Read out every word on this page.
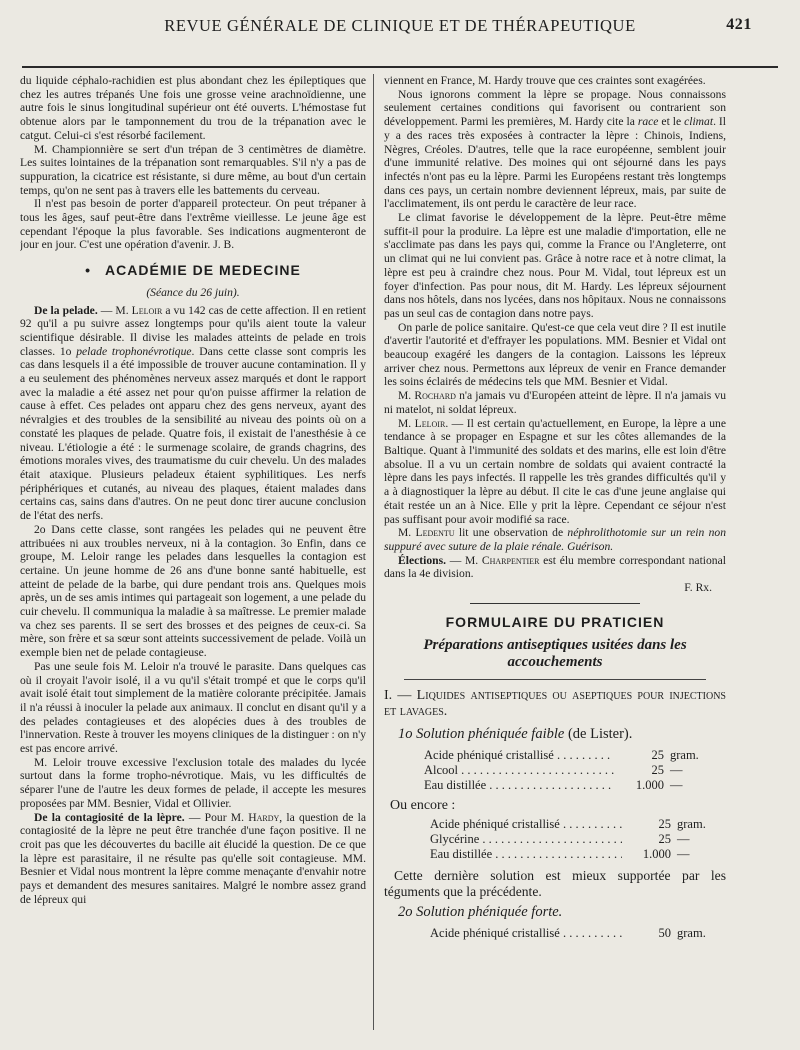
REVUE GÉNÉRALE DE CLINIQUE ET DE THÉRAPEUTIQUE	421

du liquide céphalo-rachidien est plus abondant chez les épileptiques que chez les autres trépanés Une fois une grosse veine arachnoïdienne, une autre fois le sinus longitudinal supérieur ont été ouverts. L'hémostase fut obtenue alors par le tamponnement du trou de la trépanation avec le catgut. Celui-ci s'est résorbé facilement.

M. Championnière se sert d'un trépan de 3 centimètres de diamètre. Les suites lointaines de la trépanation sont remarquables. S'il n'y a pas de suppuration, la cicatrice est résistante, si dure même, au bout d'un certain temps, qu'on ne sent pas à travers elle les battements du cerveau.

Il n'est pas besoin de porter d'appareil protecteur. On peut trépaner à tous les âges, sauf peut-être dans l'extrême vieillesse. Le jeune âge est cependant l'époque la plus favorable. Ses indications augmenteront de jour en jour. C'est une opération d'avenir. J. B.

• ACADÉMIE DE MEDECINE
(Séance du 26 juin).

De la pelade. — M. Leloir a vu 142 cas de cette affection. Il en retient 92 qu'il a pu suivre assez longtemps pour qu'ils aient toute la valeur scientifique désirable. Il divise les malades atteints de pelade en trois classes. 1o pelade trophonévrotique. Dans cette classe sont compris les cas dans lesquels il a été impossible de trouver aucune contamination. Il y a eu seulement des phénomènes nerveux assez marqués et dont le rapport avec la maladie a été assez net pour qu'on puisse affirmer la relation de cause à effet. Ces pelades ont apparu chez des gens nerveux, ayant des névralgies et des troubles de la sensibilité au niveau des points où on a constaté les plaques de pelade. Quatre fois, il existait de l'anesthésie à ce niveau. L'étiologie a été : le surmenage scolaire, de grands chagrins, des émotions morales vives, des traumatisme du cuir chevelu. Un des malades était ataxique. Plusieurs peladeux étaient syphilitiques. Les nerfs périphériques et cutanés, au niveau des plaques, étaient malades dans certains cas, sains dans d'autres. On ne peut donc tirer aucune conclusion de l'état des nerfs.

2o Dans cette classe, sont rangées les pelades qui ne peuvent être attribuées ni aux troubles nerveux, ni à la contagion. 3o Enfin, dans ce groupe, M. Leloir range les pelades dans lesquelles la contagion est certaine. Un jeune homme de 26 ans d'une bonne santé habituelle, est atteint de pelade de la barbe, qui dure pendant trois ans. Quelques mois après, un de ses amis intimes qui partageait son logement, a une pelade du cuir chevelu. Il communiqua la maladie à sa maîtresse. Le premier malade va chez ses parents. Il se sert des brosses et des peignes de ceux-ci. Sa mère, son frère et sa sœur sont atteints successivement de pelade. Voilà un exemple bien net de pelade contagieuse.

Pas une seule fois M. Leloir n'a trouvé le parasite. Dans quelques cas où il croyait l'avoir isolé, il a vu qu'il s'était trompé et que le corps qu'il avait isolé était tout simplement de la matière colorante précipitée. Jamais il n'a réussi à inoculer la pelade aux animaux. Il conclut en disant qu'il y a des pelades contagieuses et des alopécies dues à des troubles de l'innervation. Reste à trouver les moyens cliniques de la distinguer : on n'y est pas encore arrivé.

M. Leloir trouve excessive l'exclusion totale des malades du lycée surtout dans la forme tropho-névrotique. Mais, vu les difficultés de séparer l'une de l'autre les deux formes de pelade, il accepte les mesures proposées par MM. Besnier, Vidal et Ollivier.

De la contagiosité de la lèpre. — Pour M. Hardy, la question de la contagiosité de la lèpre ne peut être tranchée d'une façon positive. Il ne croit pas que les découvertes du bacille ait élucidé la question. De ce que la lèpre est parasitaire, il ne résulte pas qu'elle soit contagieuse. MM. Besnier et Vidal nous montrent la lèpre comme menaçante d'envahir notre pays et demandent des mesures sanitaires. Malgré le nombre assez grand de lépreux qui

viennent en France, M. Hardy trouve que ces craintes sont exagérées.

Nous ignorons comment la lèpre se propage. Nous connaissons seulement certaines conditions qui favorisent ou contrarient son développement. Parmi les premières, M. Hardy cite la race et le climat. Il y a des races très exposées à contracter la lèpre : Chinois, Indiens, Nègres, Créoles. D'autres, telle que la race européenne, semblent jouir d'une immunité relative. Des moines qui ont séjourné dans les pays infectés n'ont pas eu la lèpre. Parmi les Européens restant très longtemps dans ces pays, un certain nombre deviennent lépreux, mais, par suite de l'acclimatement, ils ont perdu le caractère de leur race.

Le climat favorise le développement de la lèpre. Peut-être même suffit-il pour la produire. La lèpre est une maladie d'importation, elle ne s'acclimate pas dans les pays qui, comme la France ou l'Angleterre, ont un climat qui ne lui convient pas. Grâce à notre race et à notre climat, la lèpre est peu à craindre chez nous. Pour M. Vidal, tout lépreux est un foyer d'infection. Pas pour nous, dit M. Hardy. Les lépreux séjournent dans nos hôtels, dans nos lycées, dans nos hôpitaux. Nous ne connaissons pas un seul cas de contagion dans notre pays.

On parle de police sanitaire. Qu'est-ce que cela veut dire ? Il est inutile d'avertir l'autorité et d'effrayer les populations. MM. Besnier et Vidal ont beaucoup exagéré les dangers de la contagion. Laissons les lépreux arriver chez nous. Permettons aux lépreux de venir en France demander les soins éclairés de médecins tels que MM. Besnier et Vidal.

M. Rochard n'a jamais vu d'Européen atteint de lèpre. Il n'a jamais vu ni matelot, ni soldat lépreux.

M. Leloir. — Il est certain qu'actuellement, en Europe, la lèpre a une tendance à se propager en Espagne et sur les côtes allemandes de la Baltique. Quant à l'immunité des soldats et des marins, elle est loin d'être absolue. Il a vu un certain nombre de soldats qui avaient contracté la lèpre dans les pays infectés. Il rappelle les très grandes difficultés qu'il y a à diagnostiquer la lèpre au début. Il cite le cas d'une jeune anglaise qui était restée un an à Nice. Elle y prit la lèpre. Cependant ce séjour n'est pas suffisant pour avoir modifié sa race.

M. Ledentu lit une observation de néphrolithotomie sur un rein non suppuré avec suture de la plaie rénale. Guérison.

Élections. — M. Charpentier est élu membre correspondant national dans la 4e division.

F. Rx.
FORMULAIRE DU PRATICIEN
Préparations antiseptiques usitées dans les accouchements

I. — Liquides antiseptiques ou aseptiques pour injections et lavages.

1o Solution phéniquée faible (de Lister).
Acide phéniqué cristallisé . . .	25 gram.
Alcool . . .	25 —
Eau distillée . . .	1.000 —
Ou encore :
Acide phéniqué cristallisé . . .	25 gram.
Glycérine . . .	25 —
Eau distillée . . .	1.000 —

Cette dernière solution est mieux supportée par les téguments que la précédente.

2o Solution phéniquée forte.
Acide phéniqué cristallisé . . .	50 gram.
